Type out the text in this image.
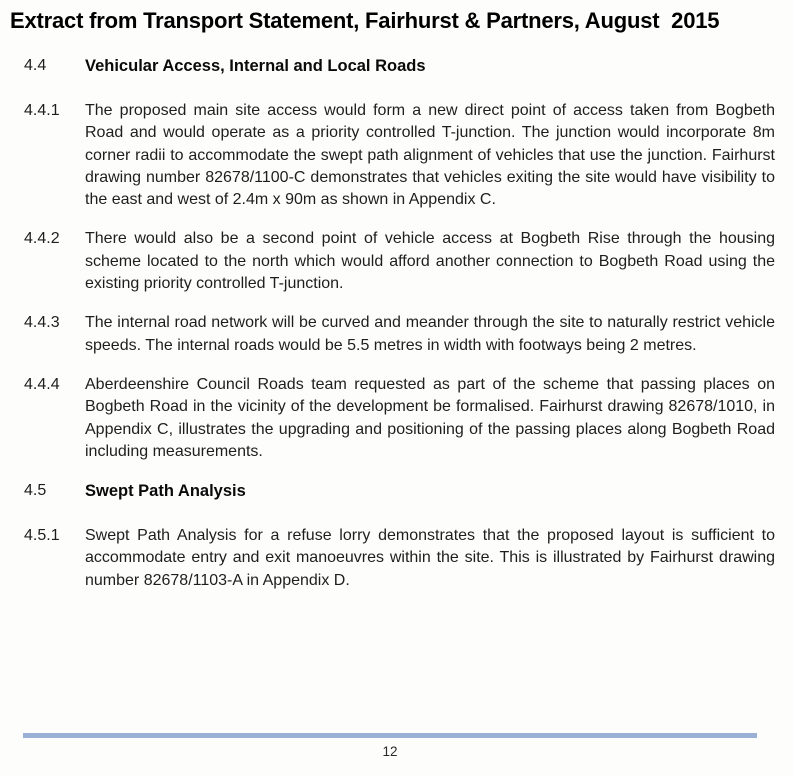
Extract from Transport Statement, Fairhurst & Partners, August  2015
4.4	Vehicular Access, Internal and Local Roads
4.4.1	The proposed main site access would form a new direct point of access taken from Bogbeth Road and would operate as a priority controlled T-junction. The junction would incorporate 8m corner radii to accommodate the swept path alignment of vehicles that use the junction. Fairhurst drawing number 82678/1100-C demonstrates that vehicles exiting the site would have visibility to the east and west of 2.4m x 90m as shown in Appendix C.
4.4.2	There would also be a second point of vehicle access at Bogbeth Rise through the housing scheme located to the north which would afford another connection to Bogbeth Road using the existing priority controlled T-junction.
4.4.3	The internal road network will be curved and meander through the site to naturally restrict vehicle speeds. The internal roads would be 5.5 metres in width with footways being 2 metres.
4.4.4	Aberdeenshire Council Roads team requested as part of the scheme that passing places on Bogbeth Road in the vicinity of the development be formalised. Fairhurst drawing 82678/1010, in Appendix C, illustrates the upgrading and positioning of the passing places along Bogbeth Road including measurements.
4.5	Swept Path Analysis
4.5.1	Swept Path Analysis for a refuse lorry demonstrates that the proposed layout is sufficient to accommodate entry and exit manoeuvres within the site. This is illustrated by Fairhurst drawing number 82678/1103-A in Appendix D.
12
